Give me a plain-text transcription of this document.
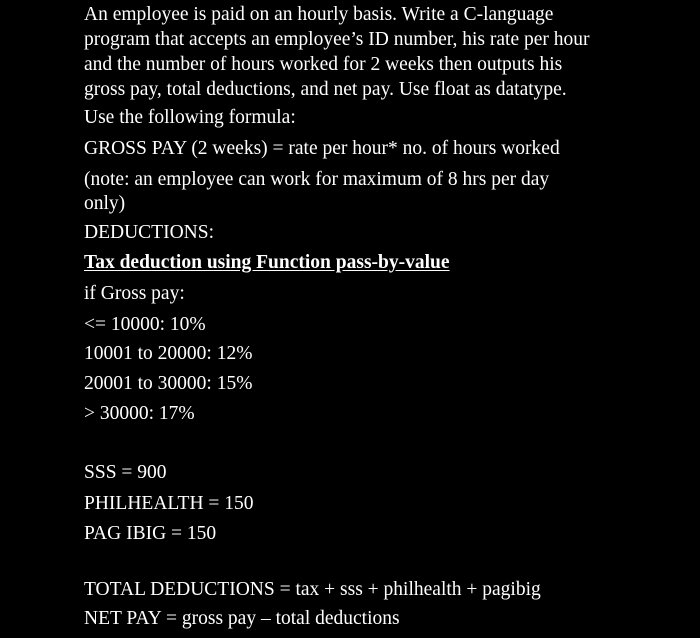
An employee is paid on an hourly basis. Write a C-language
program that accepts an employee’s ID number, his rate per hour
and the number of hours worked for 2 weeks then outputs his
gross pay, total deductions, and net pay. Use float as datatype.
Use the following formula:
GROSS PAY (2 weeks) = rate per hour* no. of hours worked
(note: an employee can work for maximum of 8 hrs per day
only)
DEDUCTIONS:
Tax deduction using Function pass-by-value
if Gross pay:
<= 10000: 10%
10001 to 20000: 12%
20001 to 30000: 15%
> 30000: 17%
SSS = 900
PHILHEALTH = 150
PAG IBIG = 150
TOTAL DEDUCTIONS = tax + sss + philhealth + pagibig
NET PAY = gross pay – total deductions
